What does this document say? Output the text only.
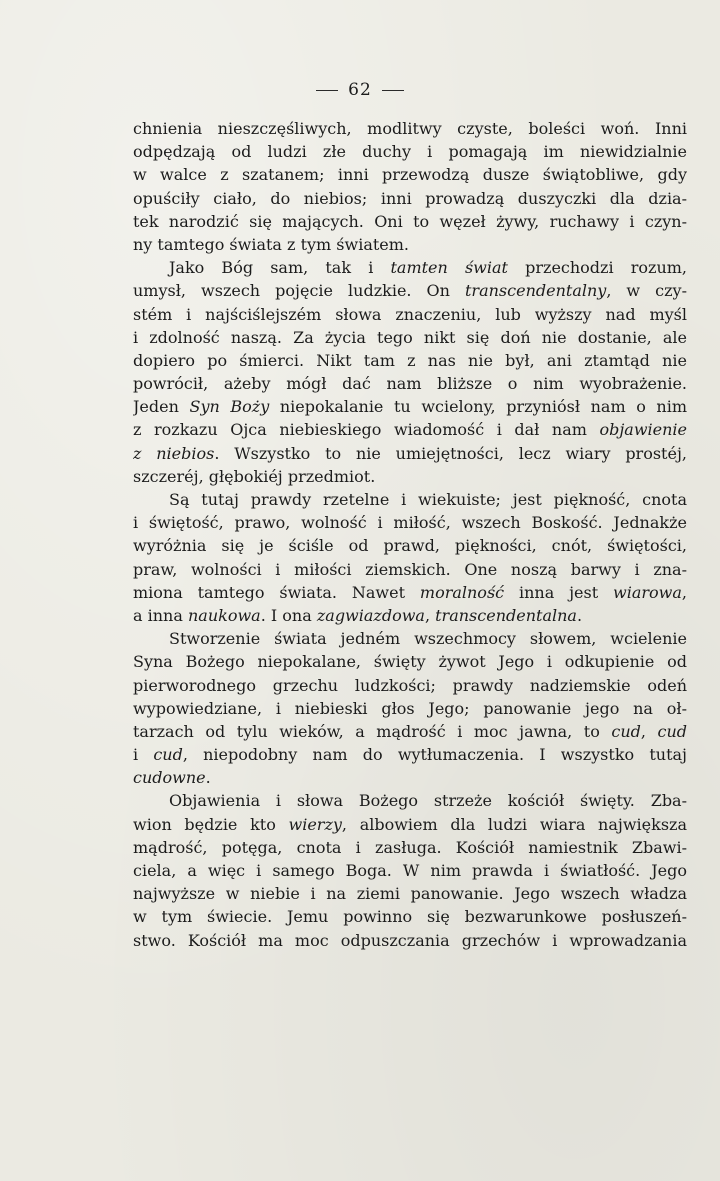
62
chnienia nieszczęśliwych, modlitwy czyste, boleści woń. Inni
odpędzają od ludzi złe duchy i pomagają im niewidzialnie
w walce z szatanem; inni przewodzą dusze świątobliwe, gdy
opuściły ciało, do niebios; inni prowadzą duszyczki dla dzia-
tek narodzić się mających. Oni to węzeł żywy, ruchawy i czyn-
ny tamtego świata z tym światem.
Jako Bóg sam, tak i tamten świat przechodzi rozum,
umysł, wszech pojęcie ludzkie. On transcendentalny, w czy-
stém i najściślejszém słowa znaczeniu, lub wyższy nad myśl
i zdolność naszą. Za życia tego nikt się doń nie dostanie, ale
dopiero po śmierci. Nikt tam z nas nie był, ani ztamtąd nie
powrócił, ażeby mógł dać nam bliższe o nim wyobrażenie.
Jeden Syn Boży niepokalanie tu wcielony, przyniósł nam o nim
z rozkazu Ojca niebieskiego wiadomość i dał nam objawienie
z niebios. Wszystko to nie umiejętności, lecz wiary prostéj,
szczeréj, głębokiéj przedmiot.
Są tutaj prawdy rzetelne i wiekuiste; jest piękność, cnota
i świętość, prawo, wolność i miłość, wszech Boskość. Jednakże
wyróżnia się je ściśle od prawd, piękności, cnót, świętości,
praw, wolności i miłości ziemskich. One noszą barwy i zna-
miona tamtego świata. Nawet moralność inna jest wiarowa,
a inna naukowa. I ona zagwiazdowa, transcendentalna.
Stworzenie świata jedném wszechmocy słowem, wcielenie
Syna Bożego niepokalane, święty żywot Jego i odkupienie od
pierworodnego grzechu ludzkości; prawdy nadziemskie odeń
wypowiedziane, i niebieski głos Jego; panowanie jego na oł-
tarzach od tylu wieków, a mądrość i moc jawna, to cud, cud
i cud, niepodobny nam do wytłumaczenia. I wszystko tutaj
cudowne.
Objawienia i słowa Bożego strzeże kościół święty. Zba-
wion będzie kto wierzy, albowiem dla ludzi wiara największa
mądrość, potęga, cnota i zasługa. Kościół namiestnik Zbawi-
ciela, a więc i samego Boga. W nim prawda i światłość. Jego
najwyższe w niebie i na ziemi panowanie. Jego wszech władza
w tym świecie. Jemu powinno się bezwarunkowe posłuszeń-
stwo. Kościół ma moc odpuszczania grzechów i wprowadzania
